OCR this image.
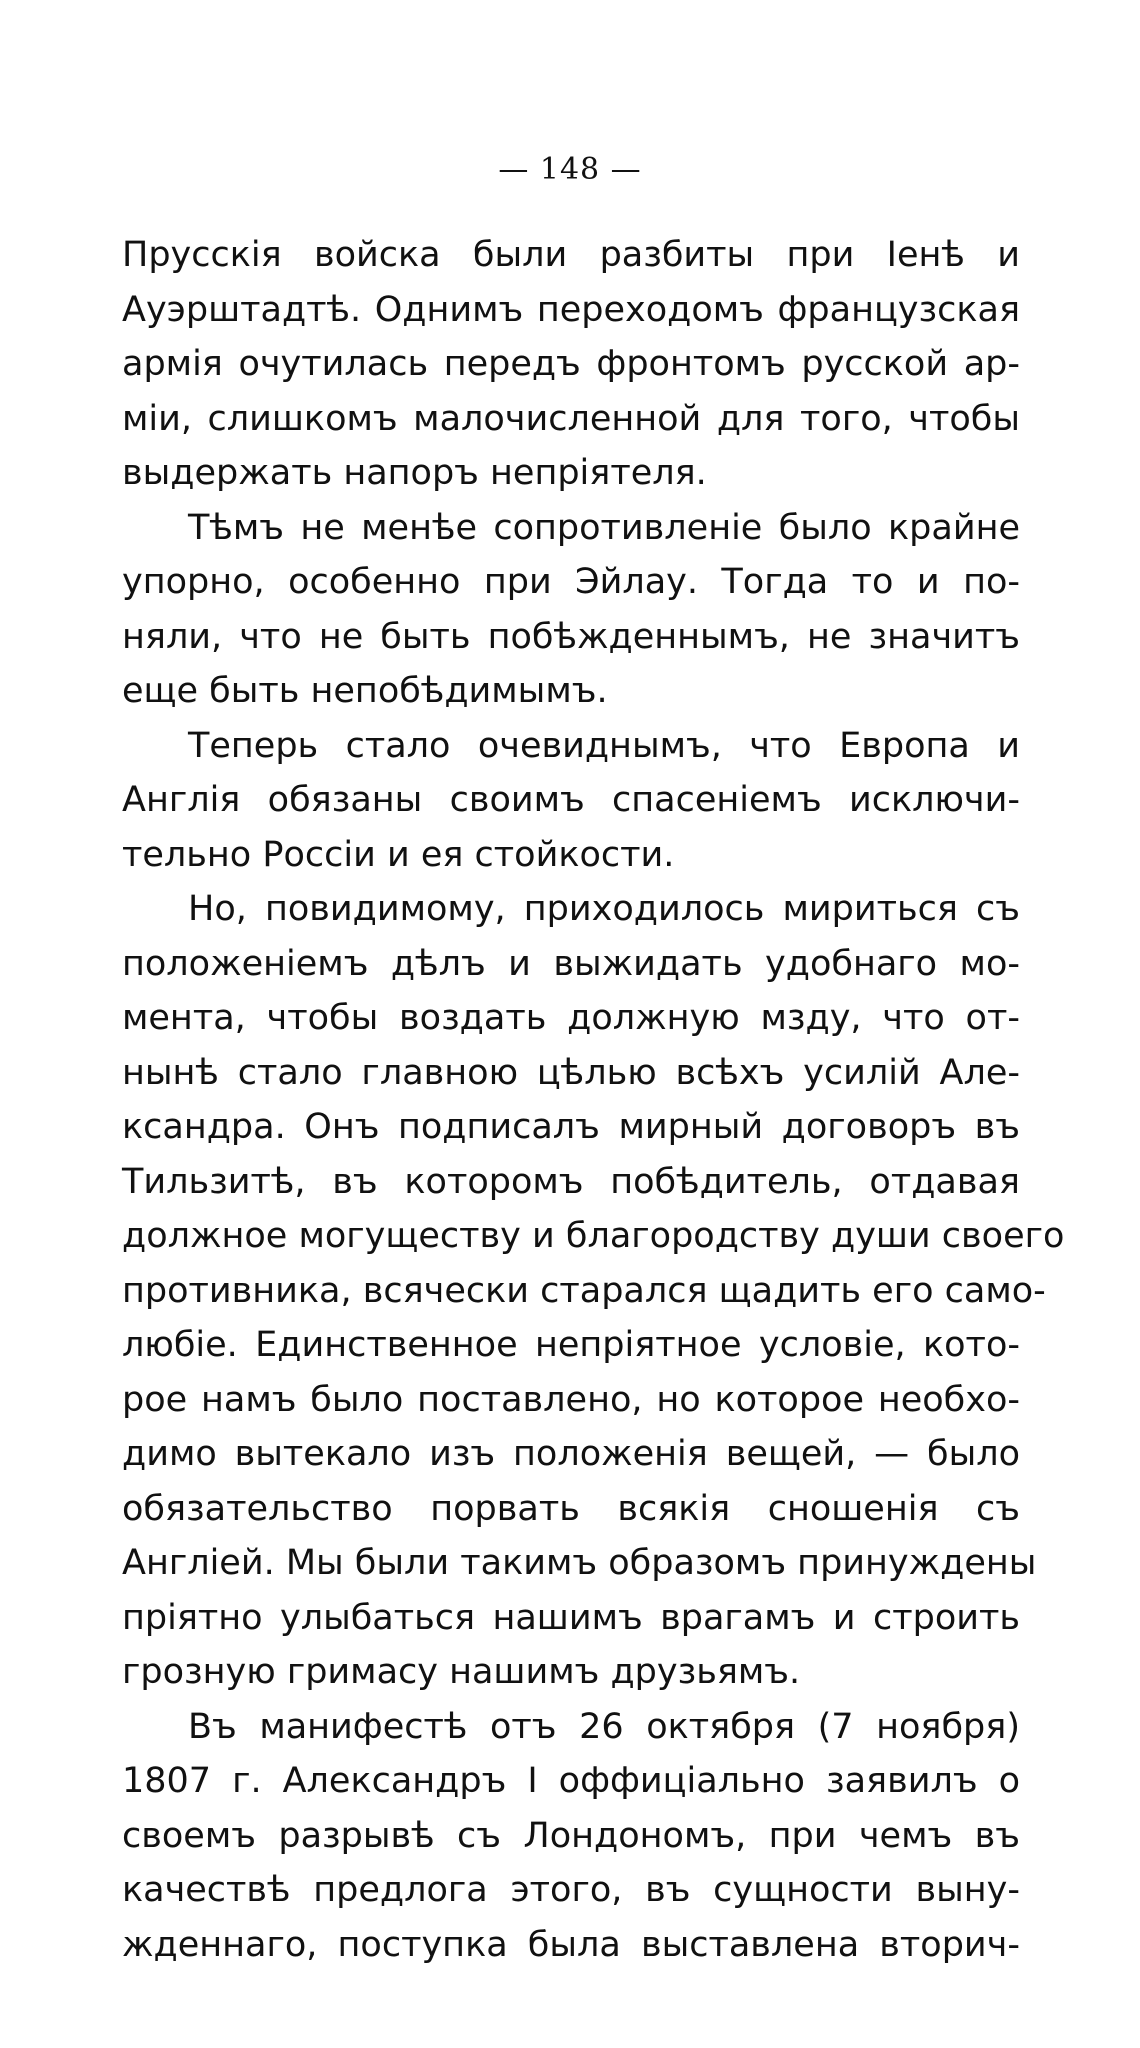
— 148 —
Прусскія войска были разбиты при Іенѣ и
Ауэрштадтѣ. Однимъ переходомъ французская
армія очутилась передъ фронтомъ русской ар-
міи, слишкомъ малочисленной для того, чтобы
выдержать напоръ непріятеля.
Тѣмъ не менѣе сопротивленіе было крайне
упорно, особенно при Эйлау. Тогда то и по-
няли, что не быть побѣжденнымъ, не значитъ
еще быть непобѣдимымъ.
Теперь стало очевиднымъ, что Европа и
Англія обязаны своимъ спасеніемъ исключи-
тельно Россіи и ея стойкости.
Но, повидимому, приходилось мириться съ
положеніемъ дѣлъ и выжидать удобнаго мо-
мента, чтобы воздать должную мзду, что от-
нынѣ стало главною цѣлью всѣхъ усилій Але-
ксандра. Онъ подписалъ мирный договоръ въ
Тильзитѣ, въ которомъ побѣдитель, отдавая
должное могуществу и благородству души своего
противника, всячески старался щадить его само-
любіе. Единственное непріятное условіе, кото-
рое намъ было поставлено, но которое необхо-
димо вытекало изъ положенія вещей, — было
обязательство порвать всякія сношенія съ
Англіей. Мы были такимъ образомъ принуждены
пріятно улыбаться нашимъ врагамъ и строить
грозную гримасу нашимъ друзьямъ.
Въ манифестѣ отъ 26 октября (7 ноября)
1807 г. Александръ I оффиціально заявилъ о
своемъ разрывѣ съ Лондономъ, при чемъ въ
качествѣ предлога этого, въ сущности выну-
жденнаго, поступка была выставлена вторич-
